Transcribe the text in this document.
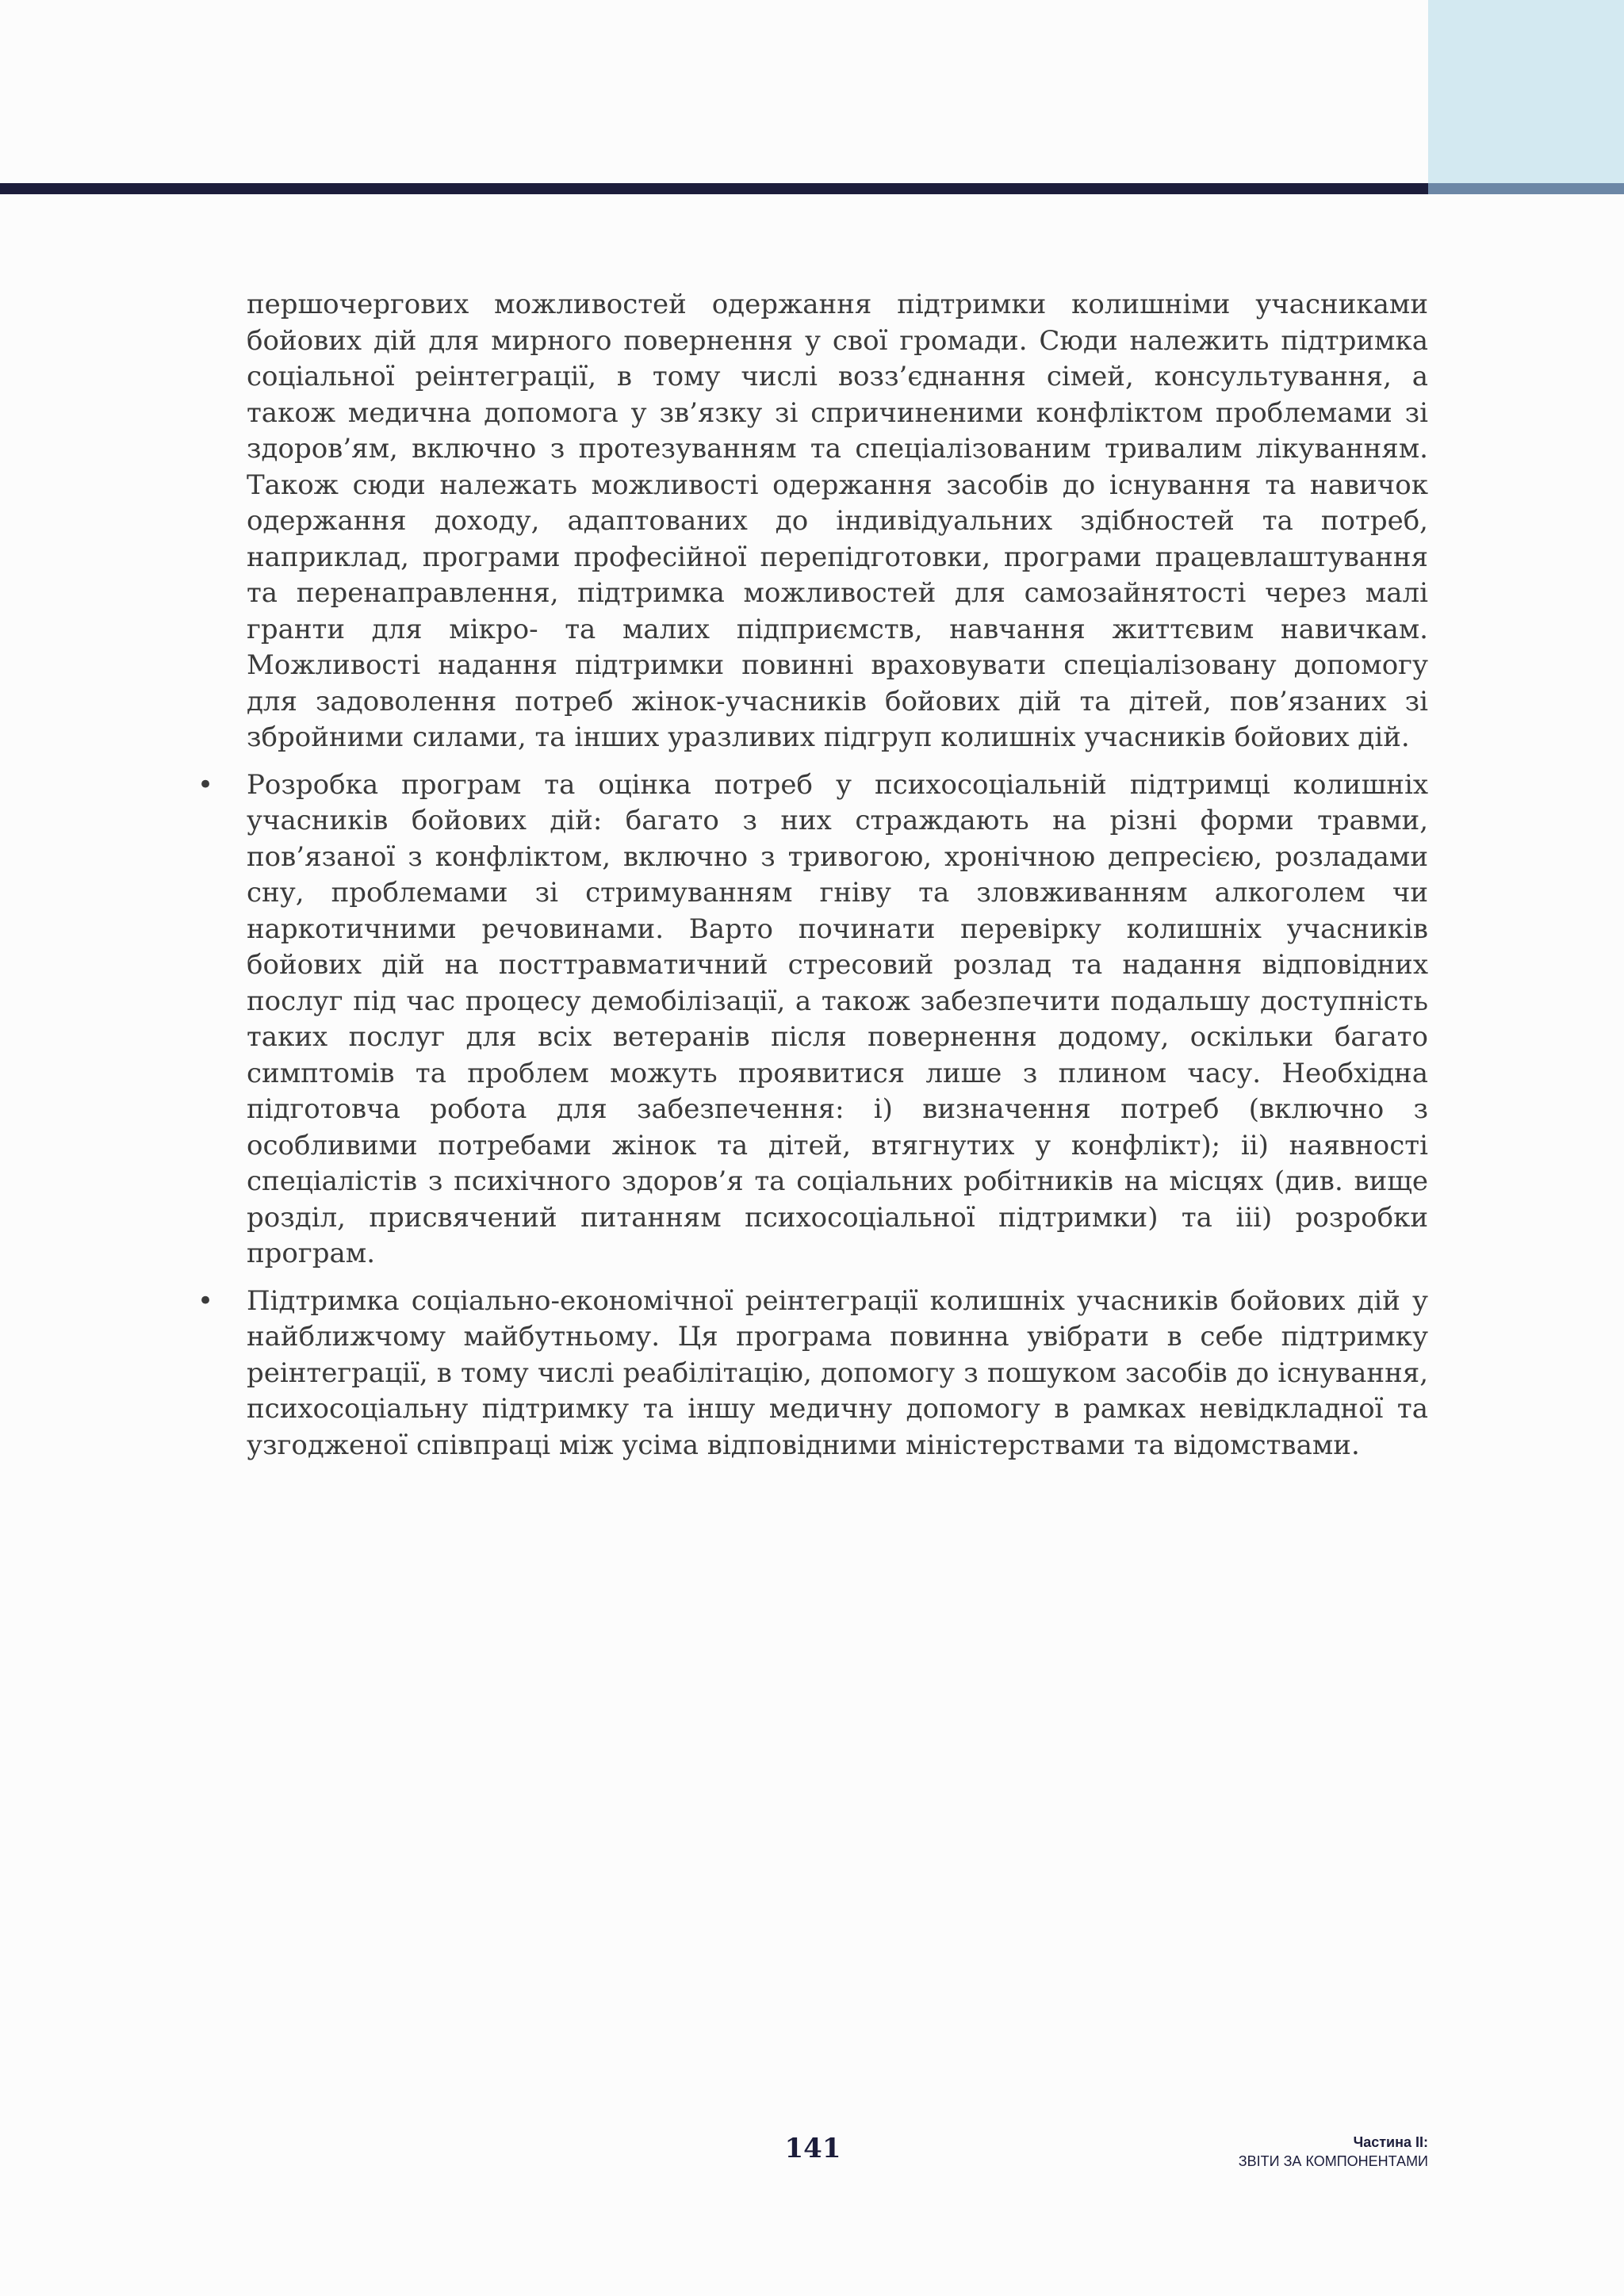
першочергових можливостей одержання підтримки колишніми учасниками бойових дій для мирного повернення у свої громади. Сюди належить підтримка соціальної реінтеграції, в тому числі возз’єднання сімей, консультування, а також медична допомога у зв’язку зі спричиненими конфліктом проблемами зі здоров’ям, включно з протезуванням та спеціалізованим тривалим лікуванням. Також сюди належать можливості одержання засобів до існування та навичок одержання доходу, адаптованих до індивідуальних здібностей та потреб, наприклад, програми професійної перепідготовки, програми працевлаштування та перенаправлення, підтримка можливостей для самозайнятості через малі гранти для мікро- та малих підприємств, навчання життєвим навичкам. Можливості надання підтримки повинні враховувати спеціалізовану допомогу для задоволення потреб жінок-учасників бойових дій та дітей, пов’язаних зі збройними силами, та інших уразливих підгруп колишніх учасників бойових дій.

• Розробка програм та оцінка потреб у психосоціальній підтримці колишніх учасників бойових дій: багато з них страждають на різні форми травми, пов’язаної з конфліктом, включно з тривогою, хронічною депресією, розладами сну, проблемами зі стримуванням гніву та зловживанням алкоголем чи наркотичними речовинами. Варто починати перевірку колишніх учасників бойових дій на посттравматичний стресовий розлад та надання відповідних послуг під час процесу демобілізації, а також забезпечити подальшу доступність таких послуг для всіх ветеранів після повернення додому, оскільки багато симптомів та проблем можуть проявитися лише з плином часу. Необхідна підготовча робота для забезпечення: i) визначення потреб (включно з особливими потребами жінок та дітей, втягнутих у конфлікт); ii) наявності спеціалістів з психічного здоров’я та соціальних робітників на місцях (див. вище розділ, присвячений питанням психосоціальної підтримки) та iii) розробки програм.
• Підтримка соціально-економічної реінтеграції колишніх учасників бойових дій у найближчому майбутньому. Ця програма повинна увібрати в себе підтримку реінтеграції, в тому числі реабілітацію, допомогу з пошуком засобів до існування, психосоціальну підтримку та іншу медичну допомогу в рамках невідкладної та узгодженої співпраці між усіма відповідними міністерствами та відомствами.
141	Частина II:
ЗВІТИ ЗА КОМПОНЕНТАМИ
